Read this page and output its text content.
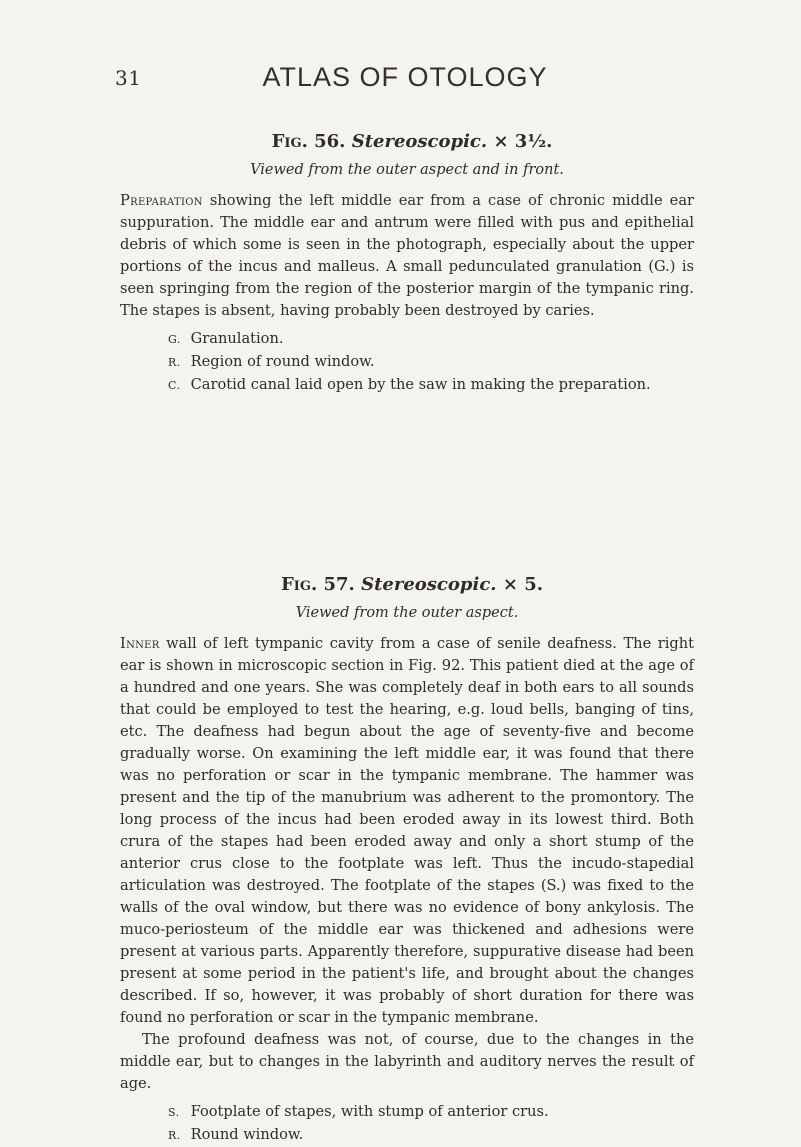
31	ATLAS OF OTOLOGY
Fig. 56. Stereoscopic. × 3½.

Viewed from the outer aspect and in front.

Preparation showing the left middle ear from a case of chronic middle ear suppuration. The middle ear and antrum were filled with pus and epithelial debris of which some is seen in the photograph, especially about the upper portions of the incus and malleus. A small pedunculated granulation (G.) is seen springing from the region of the posterior margin of the tympanic ring. The stapes is absent, having probably been destroyed by caries.

G. Granulation.
R. Region of round window.
C. Carotid canal laid open by the saw in making the preparation.
Fig. 57. Stereoscopic. × 5.

Viewed from the outer aspect.

Inner wall of left tympanic cavity from a case of senile deafness. The right ear is shown in microscopic section in Fig. 92. This patient died at the age of a hundred and one years. She was completely deaf in both ears to all sounds that could be employed to test the hearing, e.g. loud bells, banging of tins, etc. The deafness had begun about the age of seventy-five and become gradually worse. On examining the left middle ear, it was found that there was no perforation or scar in the tympanic membrane. The hammer was present and the tip of the manubrium was adherent to the promontory. The long process of the incus had been eroded away in its lowest third. Both crura of the stapes had been eroded away and only a short stump of the anterior crus close to the footplate was left. Thus the incudo-stapedial articulation was destroyed. The footplate of the stapes (S.) was fixed to the walls of the oval window, but there was no evidence of bony ankylosis. The muco-periosteum of the middle ear was thickened and adhesions were present at various parts. Apparently therefore, suppurative disease had been present at some period in the patient's life, and brought about the changes described. If so, however, it was probably of short duration for there was found no perforation or scar in the tympanic membrane.

The profound deafness was not, of course, due to the changes in the middle ear, but to changes in the labyrinth and auditory nerves the result of age.

S. Footplate of stapes, with stump of anterior crus.
R. Round window.
